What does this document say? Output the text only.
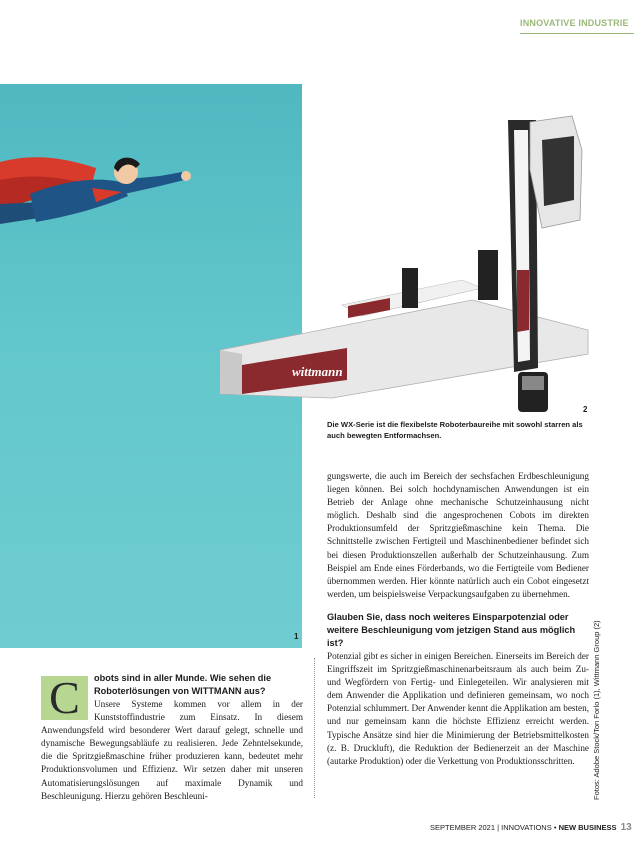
INNOVATIVE INDUSTRIE
1
wittmann
2
Die WX-Serie ist die flexibelste Roboterbaureihe mit sowohl starren als auch bewegten Entformachsen.

gungswerte, die auch im Bereich der sechsfachen Erdbeschleunigung liegen können. Bei solch hochdynamischen Anwendungen ist ein Betrieb der Anlage ohne mechanische Schutzeinhausung nicht möglich. Deshalb sind die angesprochenen Cobots im direkten Produktionsumfeld der Spritzgießmaschine kein Thema. Die Schnittstelle zwischen Fertigteil und Maschinenbediener befindet sich bei diesen Produktionszellen außerhalb der Schutzeinhausung. Zum Beispiel am Ende eines Förderbands, wo die Fertigteile vom Bediener übernommen werden. Hier könnte natürlich auch ein Cobot eingesetzt werden, um beispielsweise Verpackungsaufgaben zu übernehmen.

Glauben Sie, dass noch weiteres Einsparpotenzial oder weitere Beschleunigung vom jetzigen Stand aus möglich ist?

Potenzial gibt es sicher in einigen Bereichen. Einerseits im Bereich der Eingriffszeit im Spritzgießmaschinenarbeitsraum als auch beim Zu- und Wegfördern von Fertig- und Einlegeteilen. Wir analysieren mit dem Anwender die Applikation und definieren gemeinsam, wo noch Potenzial schlummert. Der Anwender kennt die Applikation am besten, und nur gemeinsam kann die höchste Effizienz erreicht werden. Typische Ansätze sind hier die Minimierung der Betriebsmittelkosten (z. B. Druckluft), die Reduktion der Bedienerzeit an der Maschine (autarke Produktion) oder die Verkettung von Produktionsschritten.

C	obots sind in aller Munde. Wie sehen die Roboterlösungen von WITTMANN aus?

Unsere Systeme kommen vor allem in der Kunststoffindustrie zum Einsatz. In diesem Anwendungsfeld wird besonderer Wert darauf gelegt, schnelle und dynamische Bewegungsabläufe zu realisieren. Jede Zehntelsekunde, die die Spritzgießmaschine früher produzieren kann, bedeutet mehr Produktionsvolumen und Effizienz. Wir setzen daher mit unseren Automatisierungslösungen auf maximale Dynamik und Beschleunigung. Hierzu gehören Beschleuni-	Fotos: Adobe Stock/Ton Forlo (1), Wittmann Group (2)
SEPTEMBER 2021 | INNOVATIONS • NEW BUSINESS 13
